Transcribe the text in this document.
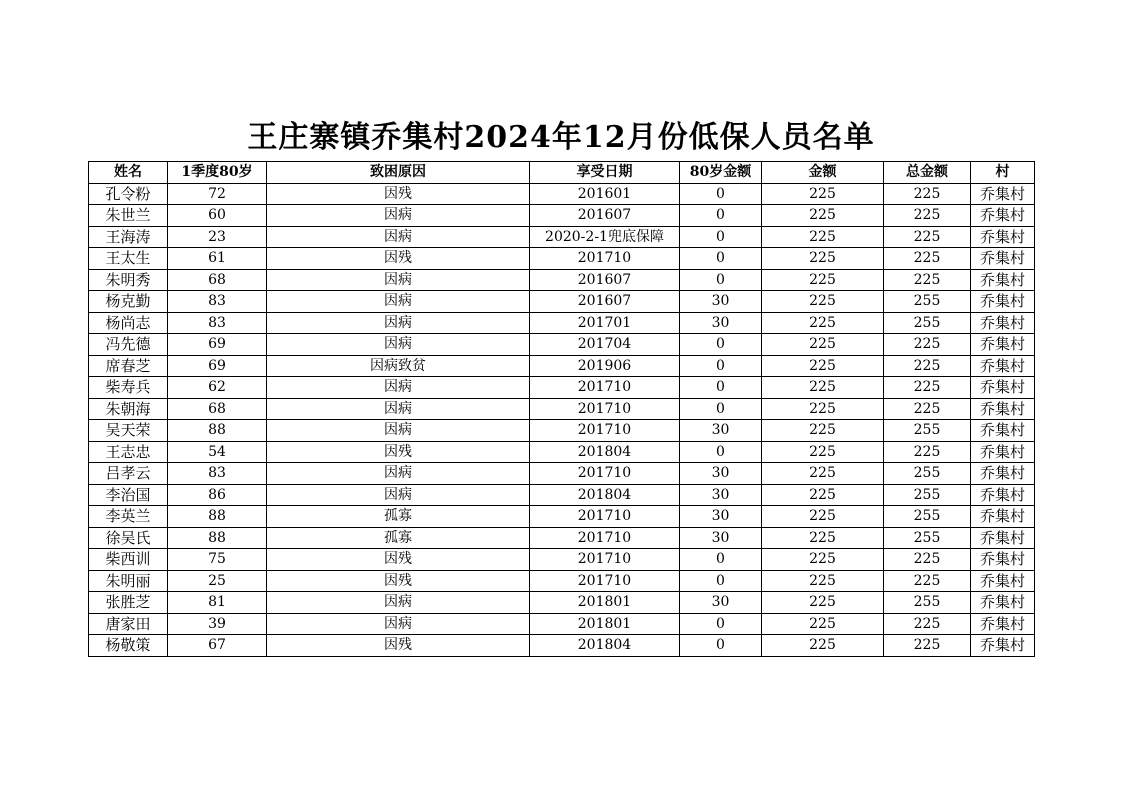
王庄寨镇乔集村2024年12月份低保人员名单
姓名	1季度80岁	致困原因	享受日期	80岁金额	金额	总金额	村
孔令粉	72	因残	201601	0	225	225	乔集村
朱世兰	60	因病	201607	0	225	225	乔集村
王海涛	23	因病	2020-2-1兜底保障	0	225	225	乔集村
王太生	61	因残	201710	0	225	225	乔集村
朱明秀	68	因病	201607	0	225	225	乔集村
杨克勤	83	因病	201607	30	225	255	乔集村
杨尚志	83	因病	201701	30	225	255	乔集村
冯先德	69	因病	201704	0	225	225	乔集村
席春芝	69	因病致贫	201906	0	225	225	乔集村
柴寿兵	62	因病	201710	0	225	225	乔集村
朱朝海	68	因病	201710	0	225	225	乔集村
吴天荣	88	因病	201710	30	225	255	乔集村
王志忠	54	因残	201804	0	225	225	乔集村
吕孝云	83	因病	201710	30	225	255	乔集村
李治国	86	因病	201804	30	225	255	乔集村
李英兰	88	孤寡	201710	30	225	255	乔集村
徐吴氏	88	孤寡	201710	30	225	255	乔集村
柴西训	75	因残	201710	0	225	225	乔集村
朱明丽	25	因残	201710	0	225	225	乔集村
张胜芝	81	因病	201801	30	225	255	乔集村
唐家田	39	因病	201801	0	225	225	乔集村
杨敬策	67	因残	201804	0	225	225	乔集村
